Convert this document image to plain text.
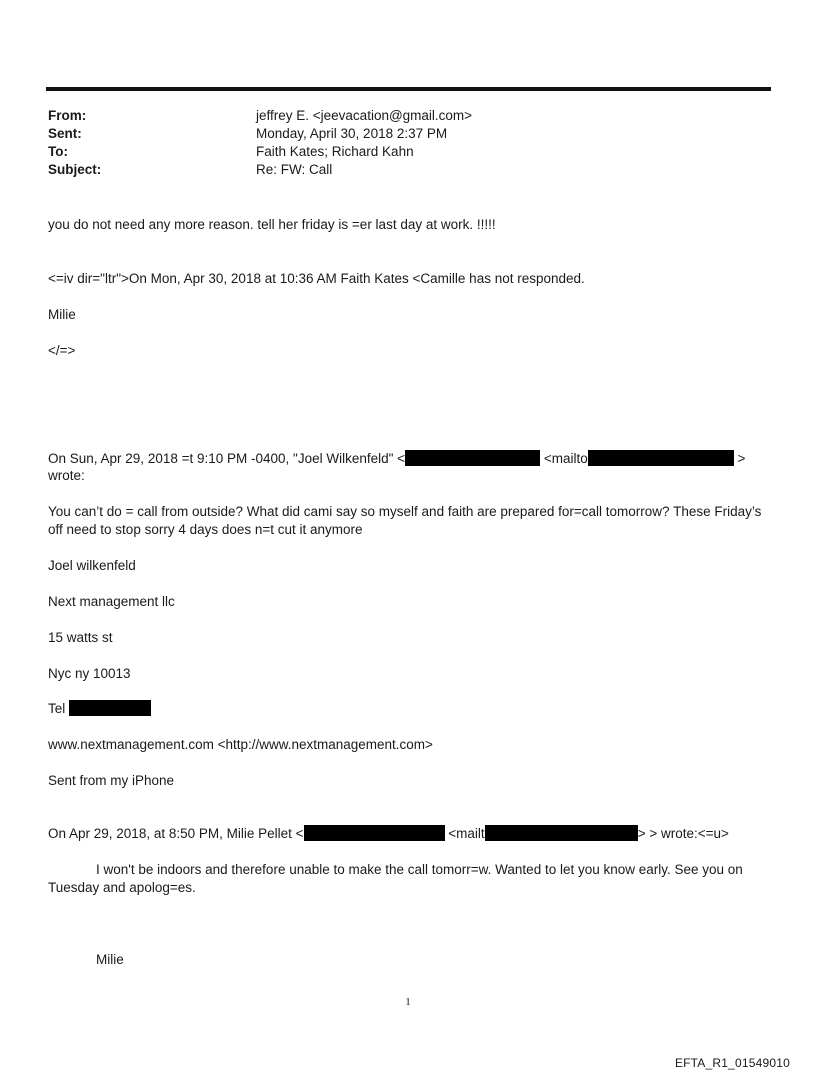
From:	jeffrey E. <jeevacation@gmail.com>
Sent:	Monday, April 30, 2018 2:37 PM
To:	Faith Kates; Richard Kahn
Subject:	Re: FW: Call
you do not need any more reason. tell her friday is =er last day at work. !!!!!
<=iv dir="ltr">On Mon, Apr 30, 2018 at 10:36 AM Faith Kates <Camille has not responded.
Milie
</=>
On Sun, Apr 29, 2018 =t 9:10 PM -0400, "Joel Wilkenfeld" <	<mailto	>
wrote:
You can’t do = call from outside? What did cami say so myself and faith are prepared for=call tomorrow? These Friday’s off need to stop sorry 4 days does n=t cut it anymore
Joel wilkenfeld
Next management llc
15 watts st
Nyc ny 10013
Tel
www.nextmanagement.com <http://www.nextmanagement.com>
Sent from my iPhone
On Apr 29, 2018, at 8:50 PM, Milie Pellet <	<mailt	> > wrote:<=u>
I won't be indoors and therefore unable to make the call tomorr=w. Wanted to let you know early. See you on Tuesday and apolog=es.
Milie
1
EFTA_R1_01549010
